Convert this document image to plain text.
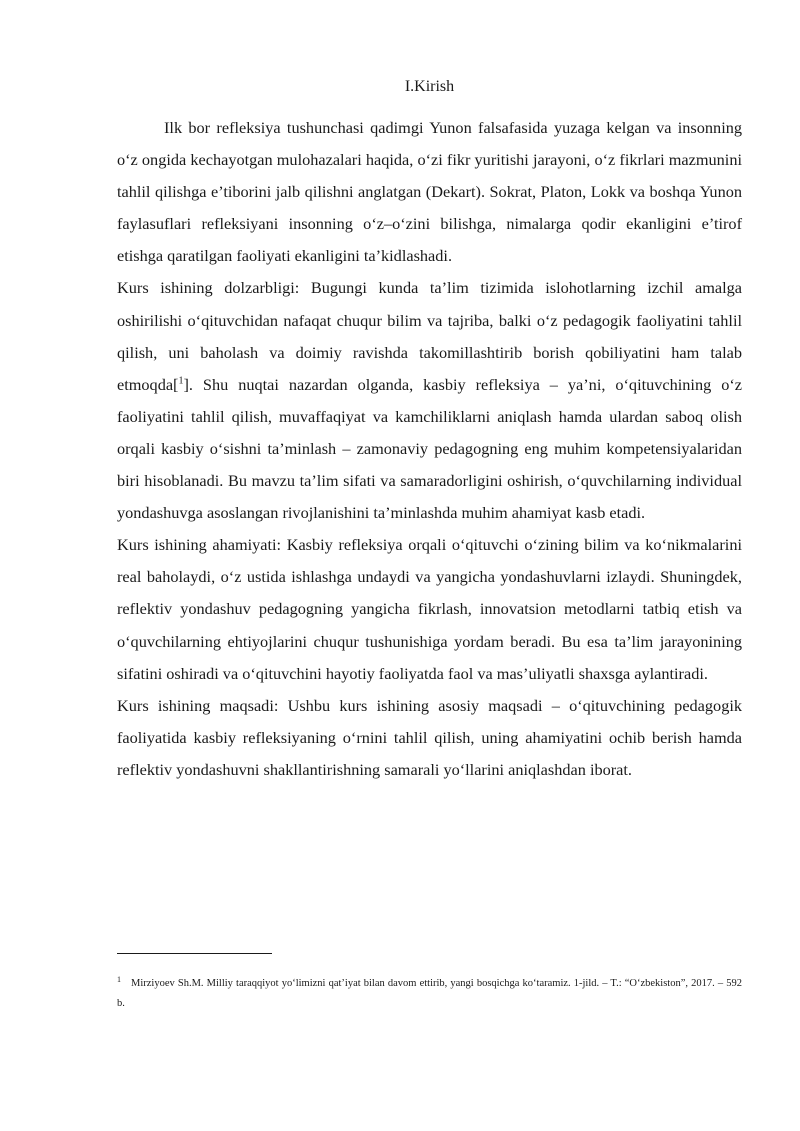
I.Kirish

Ilk bor refleksiya tushunchasi qadimgi Yunon falsafasida yuzaga kelgan va insonning o‘z ongida kechayotgan mulohazalari haqida, o‘zi fikr yuritishi jarayoni, o‘z fikrlari mazmunini tahlil qilishga e’tiborini jalb qilishni anglatgan (Dekart). Sokrat, Platon, Lokk va boshqa Yunon faylasuflari refleksiyani insonning o‘z–o‘zini bilishga, nimalarga qodir ekanligini e’tirof etishga qaratilgan faoliyati ekanligini ta’kidlashadi.

Kurs ishining dolzarbligi: Bugungi kunda ta’lim tizimida islohotlarning izchil amalga oshirilishi o‘qituvchidan nafaqat chuqur bilim va tajriba, balki o‘z pedagogik faoliyatini tahlil qilish, uni baholash va doimiy ravishda takomillashtirib borish qobiliyatini ham talab etmoqda[$^1$]. Shu nuqtai nazardan olganda, kasbiy refleksiya – ya’ni, o‘qituvchining o‘z faoliyatini tahlil qilish, muvaffaqiyat va kamchiliklarni aniqlash hamda ulardan saboq olish orqali kasbiy o‘sishni ta’minlash – zamonaviy pedagogning eng muhim kompetensiyalaridan biri hisoblanadi. Bu mavzu ta’lim sifati va samaradorligini oshirish, o‘quvchilarning individual yondashuvga asoslangan rivojlanishini ta’minlashda muhim ahamiyat kasb etadi.

Kurs ishining ahamiyati: Kasbiy refleksiya orqali o‘qituvchi o‘zining bilim va ko‘nikmalarini real baholaydi, o‘z ustida ishlashga undaydi va yangicha yondashuvlarni izlaydi. Shuningdek, reflektiv yondashuv pedagogning yangicha fikrlash, innovatsion metodlarni tatbiq etish va o‘quvchilarning ehtiyojlarini chuqur tushunishiga yordam beradi. Bu esa ta’lim jarayonining sifatini oshiradi va o‘qituvchini hayotiy faoliyatda faol va mas’uliyatli shaxsga aylantiradi.

Kurs ishining maqsadi: Ushbu kurs ishining asosiy maqsadi – o‘qituvchining pedagogik faoliyatida kasbiy refleksiyaning o‘rnini tahlil qilish, uning ahamiyatini ochib berish hamda reflektiv yondashuvni shakllantirishning samarali yo‘llarini aniqlashdan iborat.

$^1$ Mirziyoev Sh.M. Milliy taraqqiyot yo‘limizni qat’iyat bilan davom ettirib, yangi bosqichga ko‘taramiz. 1-jild. – T.: “O‘zbekiston”, 2017. – 592 b.
